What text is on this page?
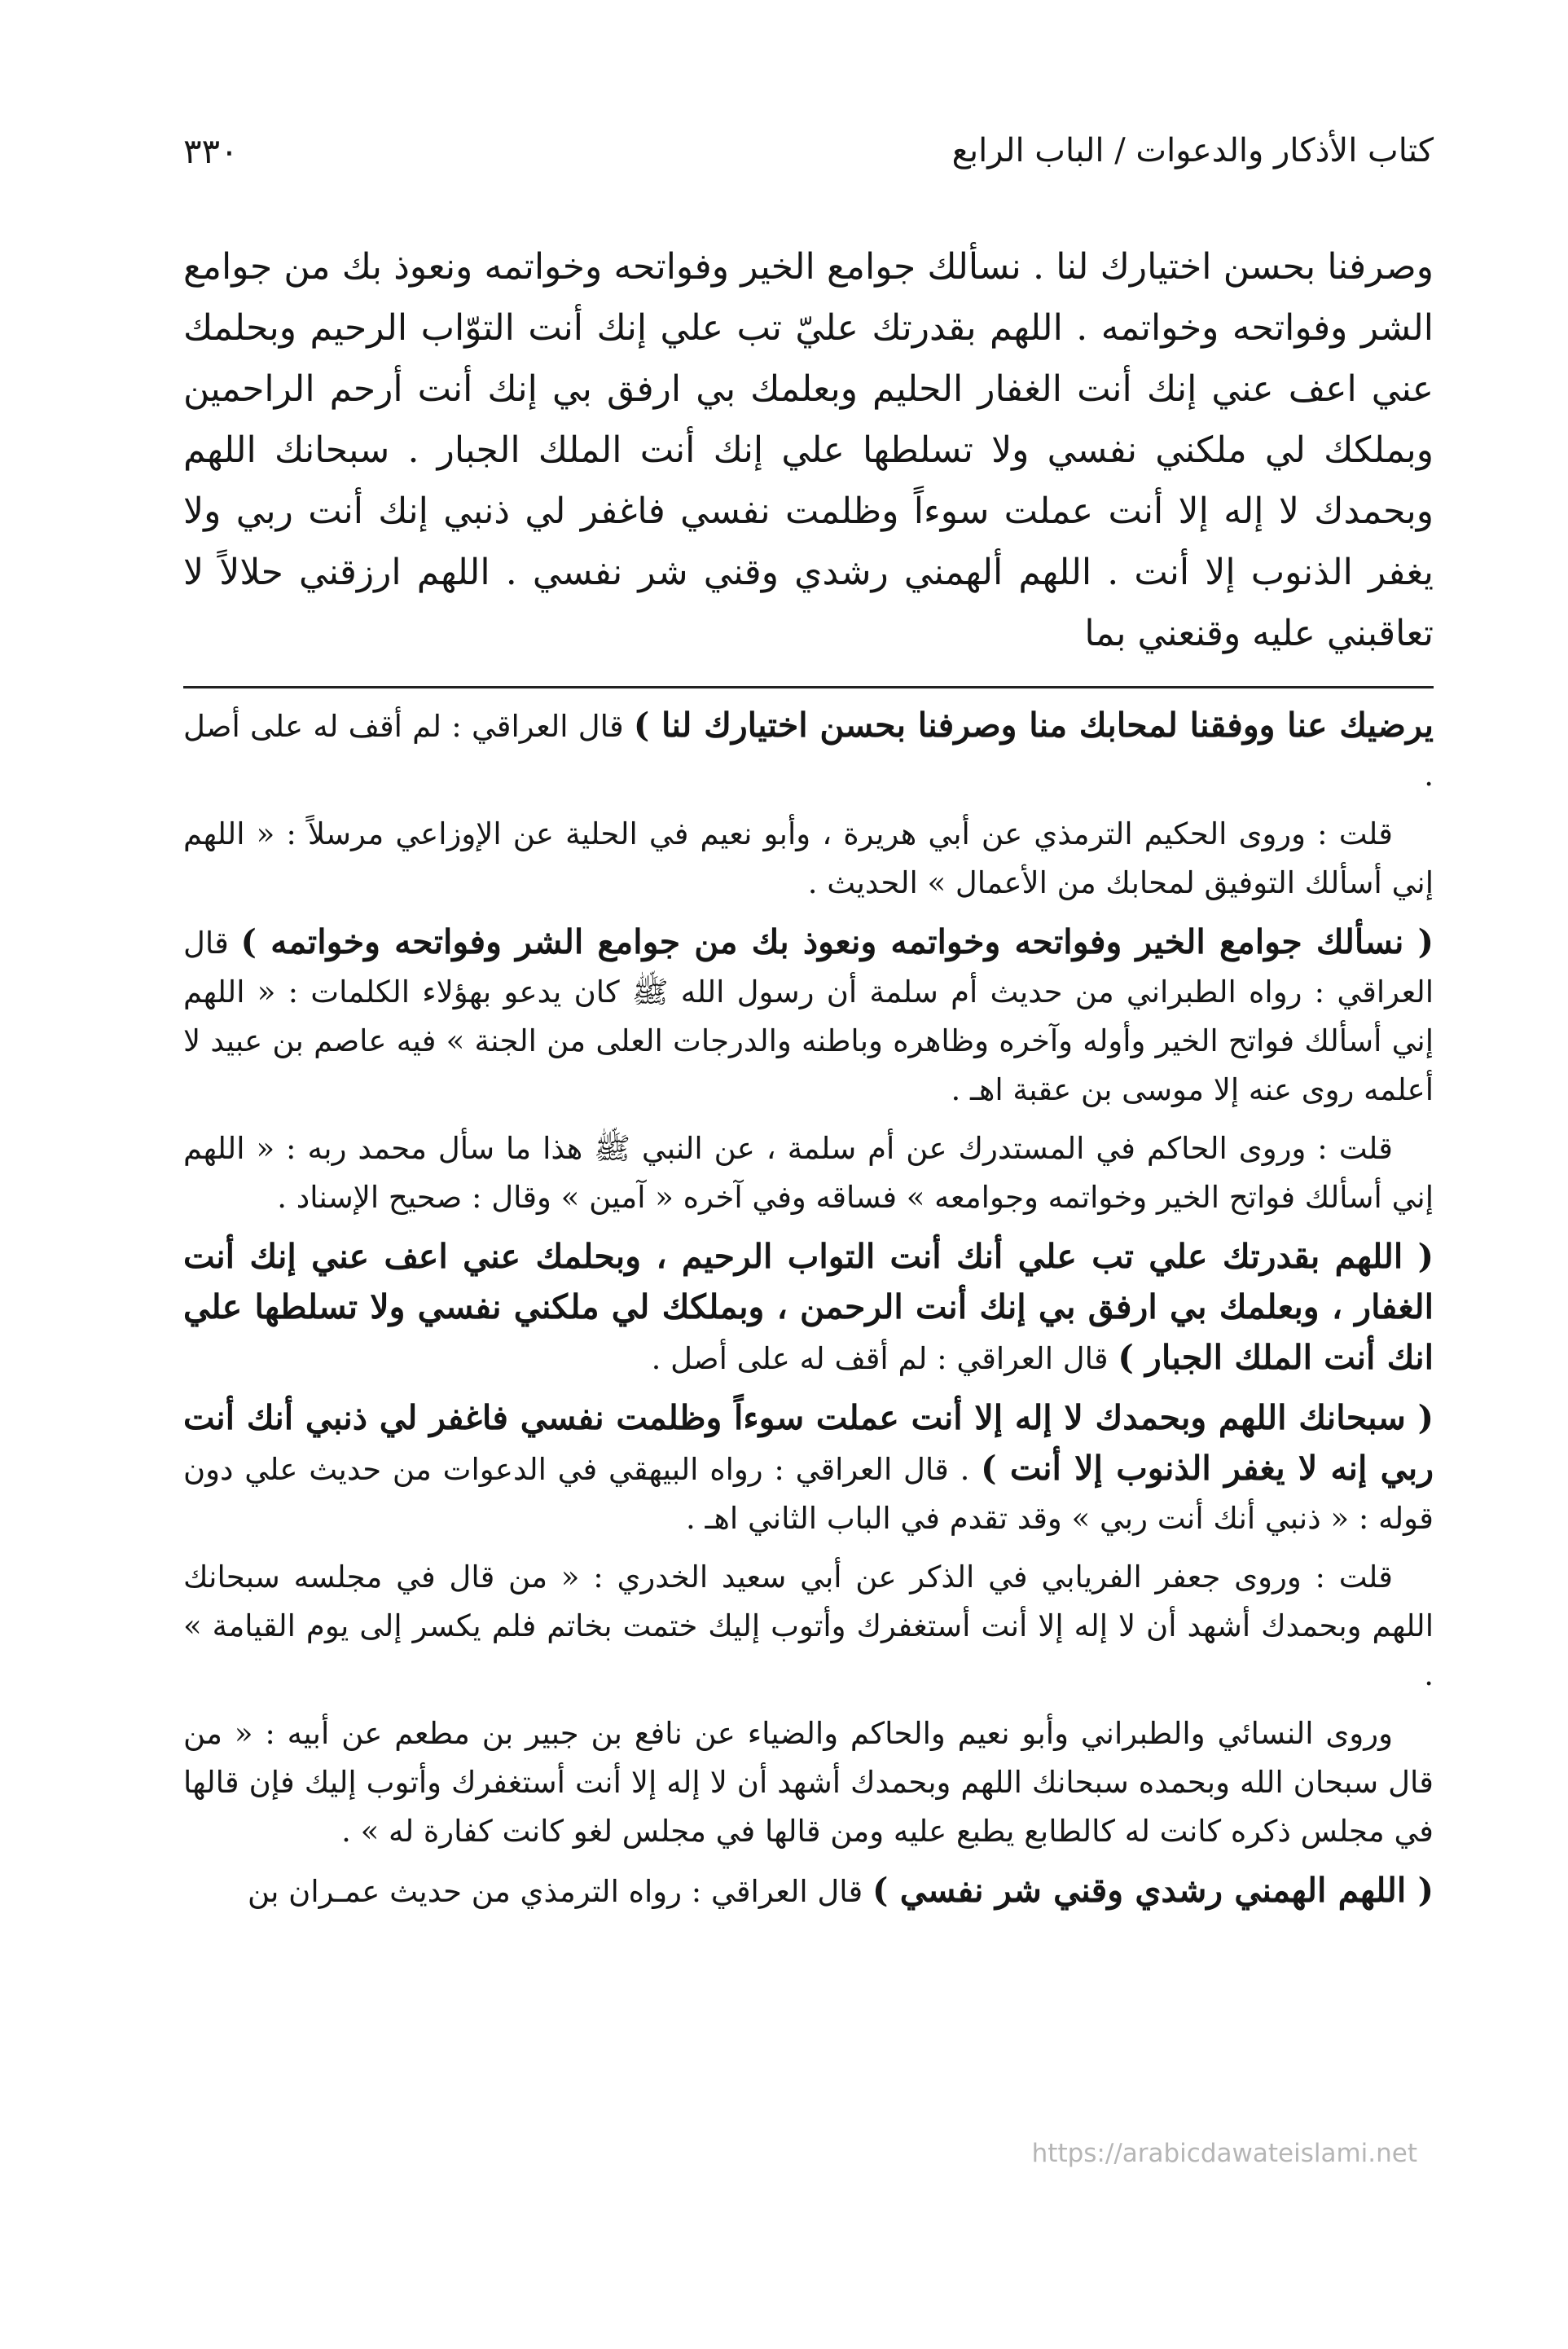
كتاب الأذكار والدعوات / الباب الرابع
٣٣٠

وصرفنا بحسن اختيارك لنا . نسألك جوامع الخير وفواتحه وخواتمه ونعوذ بك من جوامع الشر وفواتحه وخواتمه . اللهم بقدرتك عليّ تب علي إنك أنت التوّاب الرحيم وبحلمك عني اعف عني إنك أنت الغفار الحليم وبعلمك بي ارفق بي إنك أنت أرحم الراحمين وبملكك لي ملكني نفسي ولا تسلطها علي إنك أنت الملك الجبار . سبحانك اللهم وبحمدك لا إله إلا أنت عملت سوءاً وظلمت نفسي فاغفر لي ذنبي إنك أنت ربي ولا يغفر الذنوب إلا أنت . اللهم ألهمني رشدي وقني شر نفسي . اللهم ارزقني حلالاً لا تعاقبني عليه وقنعني بما

يرضيك عنا ووفقنا لمحابك منا وصرفنا بحسن اختيارك لنا ) قال العراقي : لم أقف له على أصل .

قلت : وروى الحكيم الترمذي عن أبي هريرة ، وأبو نعيم في الحلية عن الإوزاعي مرسلاً : « اللهم إني أسألك التوفيق لمحابك من الأعمال » الحديث .

( نسألك جوامع الخير وفواتحه وخواتمه ونعوذ بك من جوامع الشر وفواتحه وخواتمه ) قال العراقي : رواه الطبراني من حديث أم سلمة أن رسول الله ﷺ كان يدعو بهؤلاء الكلمات : « اللهم إني أسألك فواتح الخير وأوله وآخره وظاهره وباطنه والدرجات العلى من الجنة » فيه عاصم بن عبيد لا أعلمه روى عنه إلا موسى بن عقبة اهـ .

قلت : وروى الحاكم في المستدرك عن أم سلمة ، عن النبي ﷺ هذا ما سأل محمد ربه : « اللهم إني أسألك فواتح الخير وخواتمه وجوامعه » فساقه وفي آخره « آمين » وقال : صحيح الإسناد .

( اللهم بقدرتك علي تب علي أنك أنت التواب الرحيم ، وبحلمك عني اعف عني إنك أنت الغفار ، وبعلمك بي ارفق بي إنك أنت الرحمن ، وبملكك لي ملكني نفسي ولا تسلطها علي انك أنت الملك الجبار ) قال العراقي : لم أقف له على أصل .

( سبحانك اللهم وبحمدك لا إله إلا أنت عملت سوءاً وظلمت نفسي فاغفر لي ذنبي أنك أنت ربي إنه لا يغفر الذنوب إلا أنت ) . قال العراقي : رواه البيهقي في الدعوات من حديث علي دون قوله : « ذنبي أنك أنت ربي » وقد تقدم في الباب الثاني اهـ .

قلت : وروى جعفر الفريابي في الذكر عن أبي سعيد الخدري : « من قال في مجلسه سبحانك اللهم وبحمدك أشهد أن لا إله إلا أنت أستغفرك وأتوب إليك ختمت بخاتم فلم يكسر إلى يوم القيامة » .

وروى النسائي والطبراني وأبو نعيم والحاكم والضياء عن نافع بن جبير بن مطعم عن أبيه : « من قال سبحان الله وبحمده سبحانك اللهم وبحمدك أشهد أن لا إله إلا أنت أستغفرك وأتوب إليك فإن قالها في مجلس ذكره كانت له كالطابع يطبع عليه ومن قالها في مجلس لغو كانت كفارة له » .

( اللهم الهمني رشدي وقني شر نفسي ) قال العراقي : رواه الترمذي من حديث عمـران بن

https://arabicdawateislami.net
